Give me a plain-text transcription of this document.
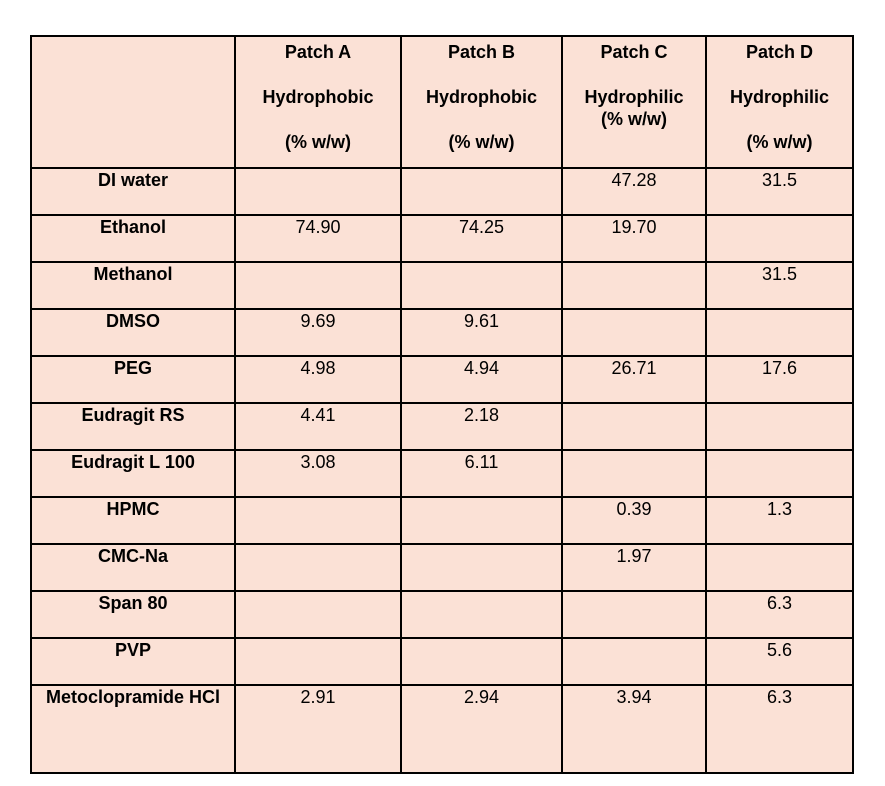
	Patch A
Hydrophobic
(% w/w)	Patch B
Hydrophobic
(% w/w)	Patch C
Hydrophilic
(% w/w)	Patch D
Hydrophilic
(% w/w)

DI water			47.28	31.5
Ethanol	74.90	74.25	19.70	
Methanol				31.5
DMSO	9.69	9.61		
PEG	4.98	4.94	26.71	17.6
Eudragit RS	4.41	2.18		
Eudragit L 100	3.08	6.11		
HPMC			0.39	1.3
CMC-Na			1.97	
Span 80				6.3
PVP				5.6
Metoclopramide HCl	2.91	2.94	3.94	6.3
